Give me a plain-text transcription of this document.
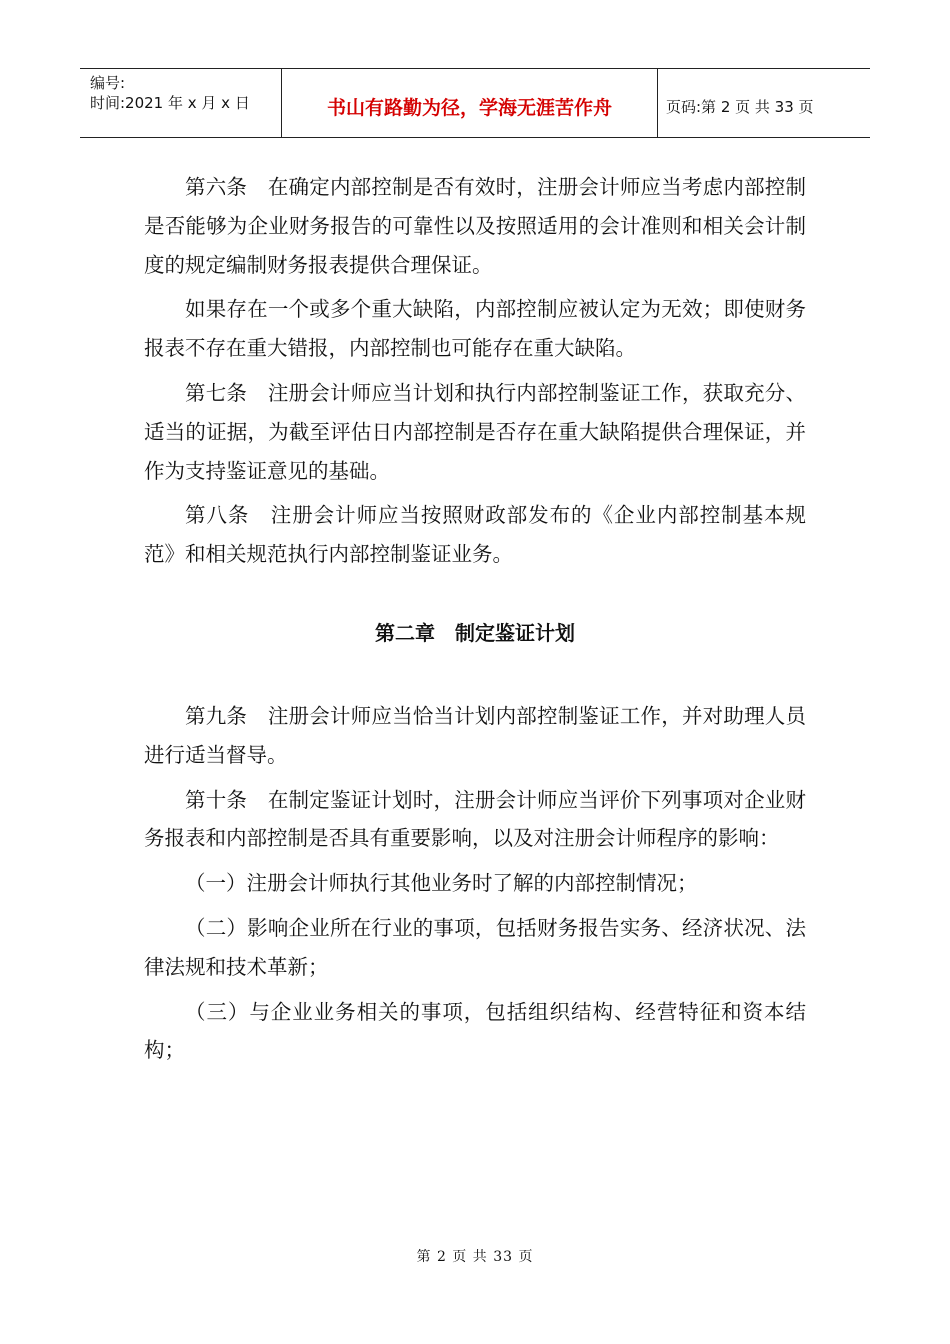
编号:
时间:2021 年 x 月 x 日	书山有路勤为径，学海无涯苦作舟	页码:第 2 页 共 33 页

第六条　在确定内部控制是否有效时，注册会计师应当考虑内部控制是否能够为企业财务报告的可靠性以及按照适用的会计准则和相关会计制度的规定编制财务报表提供合理保证。

如果存在一个或多个重大缺陷，内部控制应被认定为无效；即使财务报表不存在重大错报，内部控制也可能存在重大缺陷。

第七条　注册会计师应当计划和执行内部控制鉴证工作，获取充分、适当的证据，为截至评估日内部控制是否存在重大缺陷提供合理保证，并作为支持鉴证意见的基础。

第八条　注册会计师应当按照财政部发布的《企业内部控制基本规范》和相关规范执行内部控制鉴证业务。

第二章　制定鉴证计划

第九条　注册会计师应当恰当计划内部控制鉴证工作，并对助理人员进行适当督导。

第十条　在制定鉴证计划时，注册会计师应当评价下列事项对企业财务报表和内部控制是否具有重要影响，以及对注册会计师程序的影响：

（一）注册会计师执行其他业务时了解的内部控制情况；

（二）影响企业所在行业的事项，包括财务报告实务、经济状况、法律法规和技术革新；

（三）与企业业务相关的事项，包括组织结构、经营特征和资本结构；

第 2 页 共 33 页
